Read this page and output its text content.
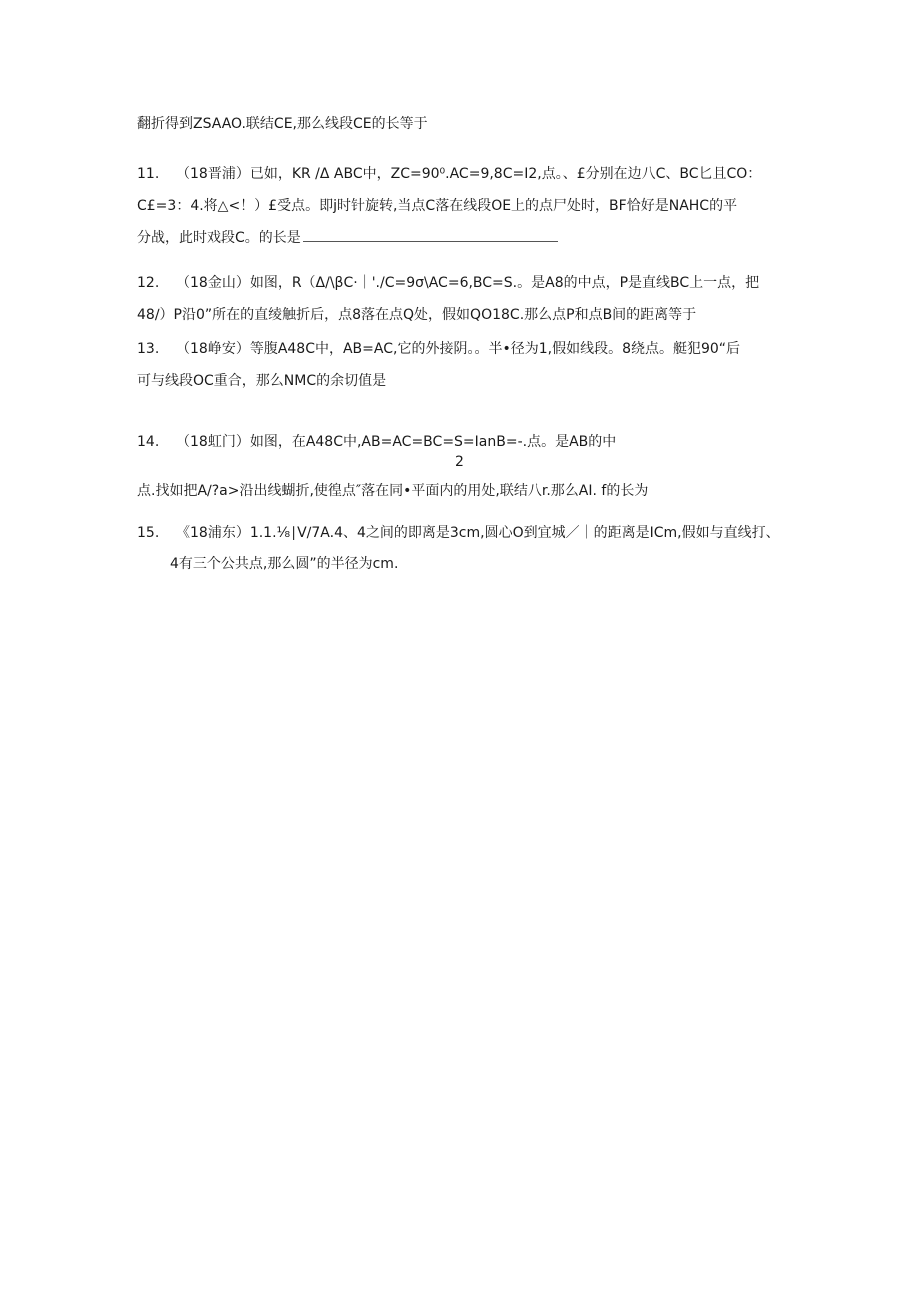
翻折得到ZSAAO.联结CE,那么线段CE的长等于
11. （18晋浦）已如，KR /Δ ABC中，ZC=90⁰.AC=9,8C=I2,点。、£分别在边八C、BC匕且CO：
C£=3：4.将△<！）£受点。即j时针旋转,当点C落在线段OE上的点尸处时，BF恰好是NAHC的平
分战，此时戏段C。的长是
12. （18金山）如图，R（Δ/\βC·｜'./C=9σ\AC=6,BC=S.。是A8的中点，P是直线BC上一点，把
48∕）P沿0”所在的直绫触折后，点8落在点Q处，假如QO18C.那么点P和点B间的距离等于
13. （18峥安）等腹A48C中，AB=AC,它的外接阴。。半•径为1,假如线段。8绕点。艇犯90“后
可与线段OC重合，那么NMC的余切值是
14. （18虹门）如图，在A48C中,AB=AC=BC=S=IanB=-.点。是AB的中
2
点.找如把A∕?a>沿出线蝴折,使徨点″落在同•平面内的用处,联结八r.那么AI. f的长为
15. 《18浦东）1.1.⅛∣V∕7A.4、4之间的即离是3cm,圆心O到宜城／｜的距离是ICm,假如与直线打、
4有三个公共点,那么圆”的半径为cm.
